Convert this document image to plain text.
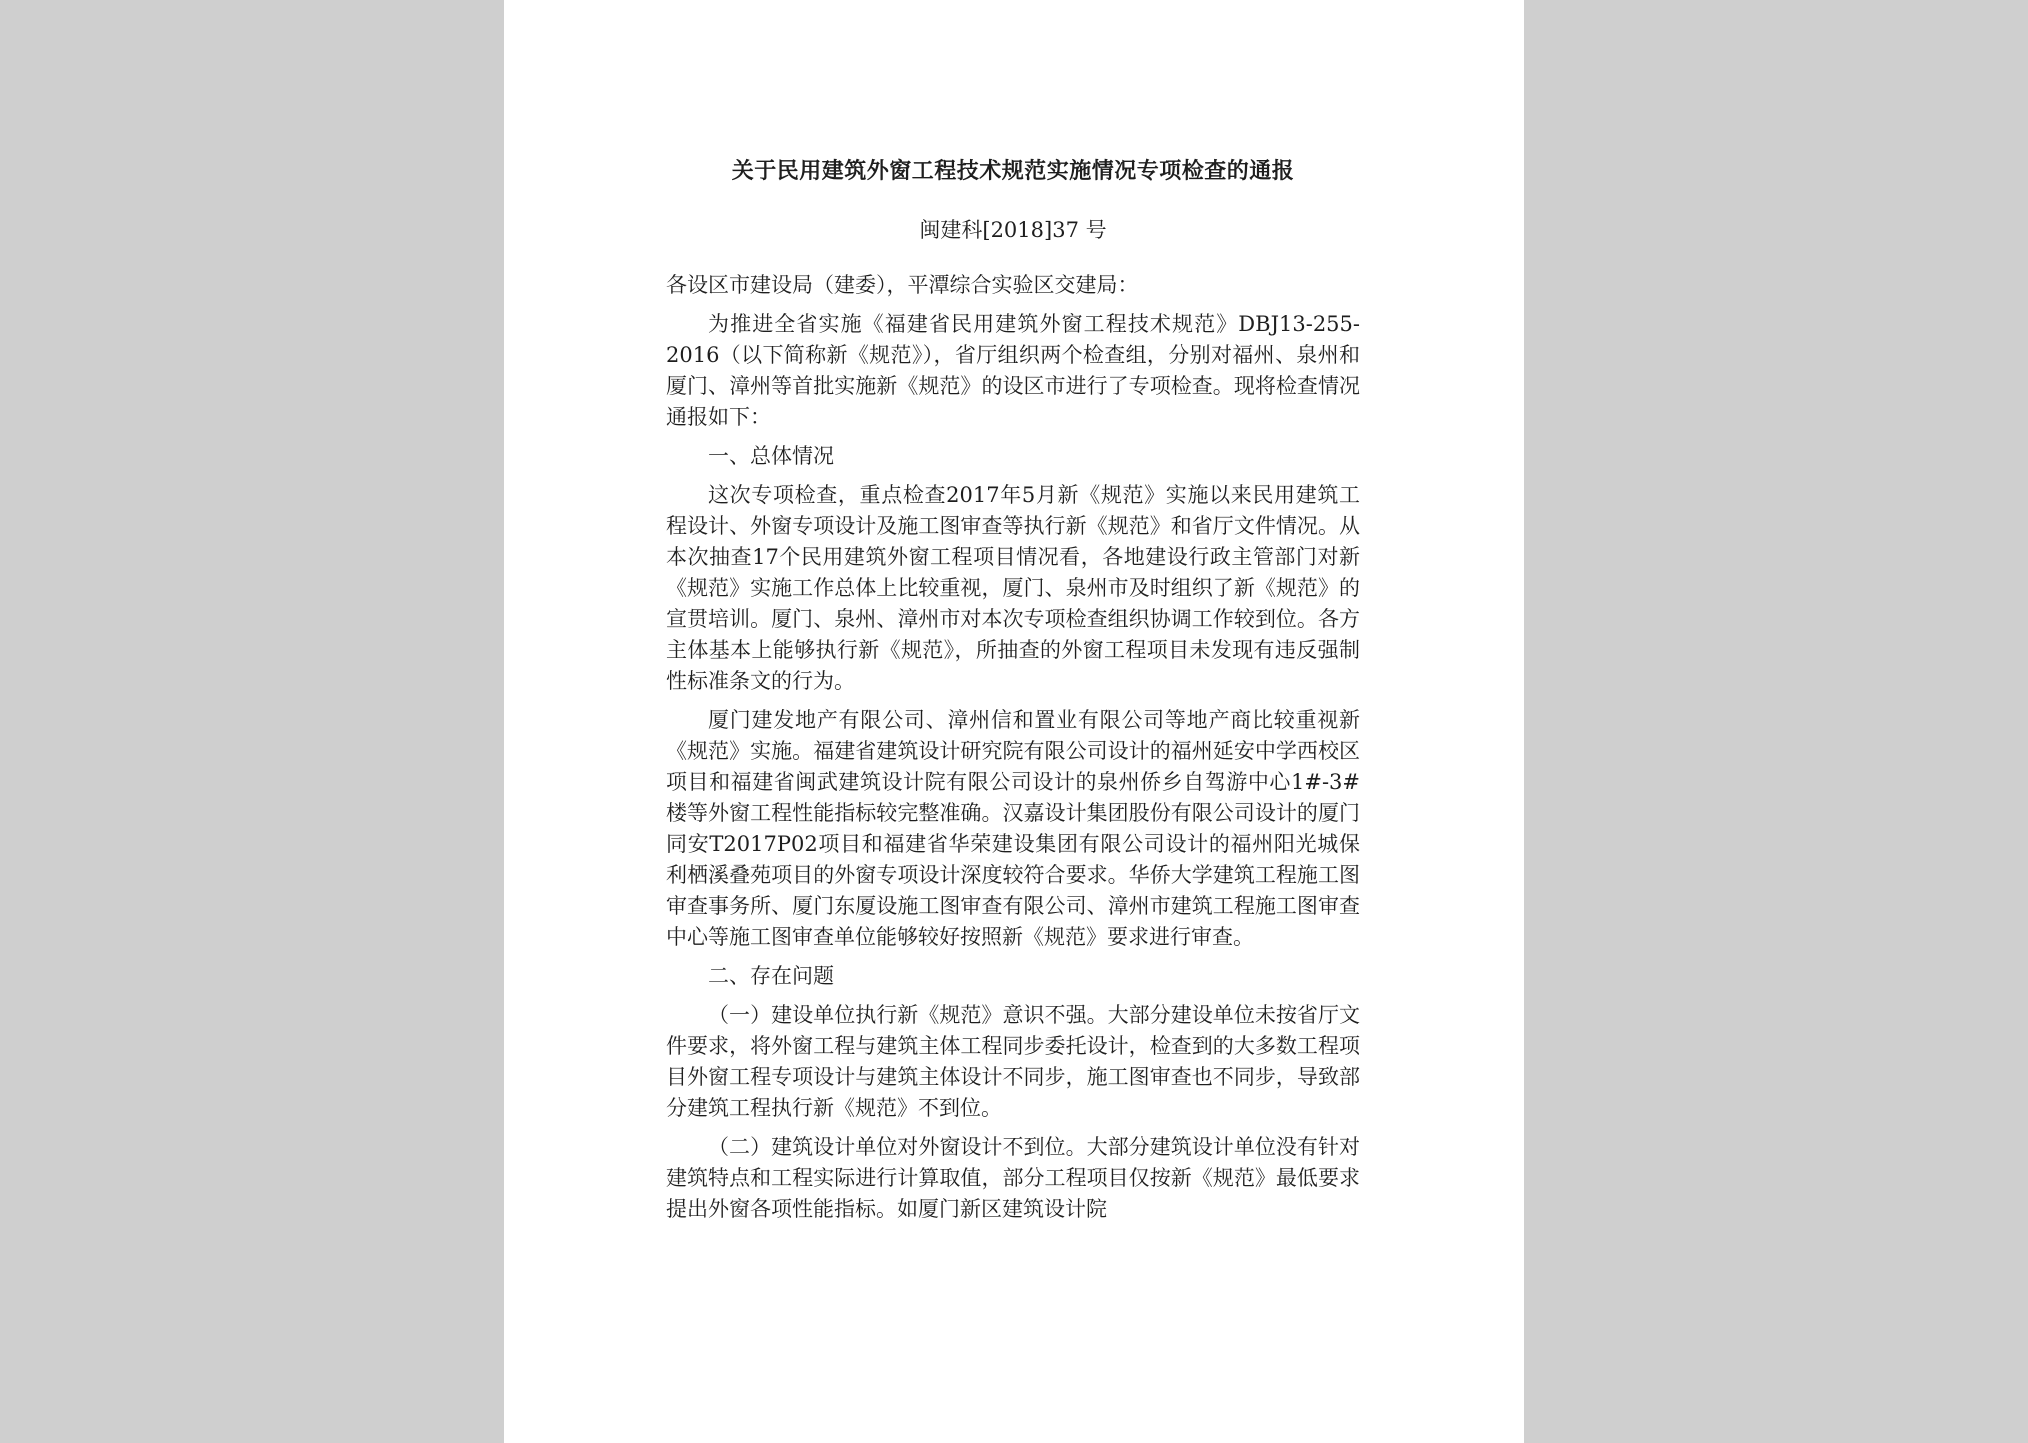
关于民用建筑外窗工程技术规范实施情况专项检查的通报
闽建科[2018]37 号

各设区市建设局（建委），平潭综合实验区交建局：

为推进全省实施《福建省民用建筑外窗工程技术规范》DBJ13-255-2016（以下简称新《规范》），省厅组织两个检查组，分别对福州、泉州和厦门、漳州等首批实施新《规范》的设区市进行了专项检查。现将检查情况通报如下：

一、总体情况

这次专项检查，重点检查2017年5月新《规范》实施以来民用建筑工程设计、外窗专项设计及施工图审查等执行新《规范》和省厅文件情况。从本次抽查17个民用建筑外窗工程项目情况看，各地建设行政主管部门对新《规范》实施工作总体上比较重视，厦门、泉州市及时组织了新《规范》的宣贯培训。厦门、泉州、漳州市对本次专项检查组织协调工作较到位。各方主体基本上能够执行新《规范》，所抽查的外窗工程项目未发现有违反强制性标准条文的行为。

厦门建发地产有限公司、漳州信和置业有限公司等地产商比较重视新《规范》实施。福建省建筑设计研究院有限公司设计的福州延安中学西校区项目和福建省闽武建筑设计院有限公司设计的泉州侨乡自驾游中心1#-3#楼等外窗工程性能指标较完整准确。汉嘉设计集团股份有限公司设计的厦门同安T2017P02项目和福建省华荣建设集团有限公司设计的福州阳光城保利栖溪叠苑项目的外窗专项设计深度较符合要求。华侨大学建筑工程施工图审查事务所、厦门东厦设施工图审查有限公司、漳州市建筑工程施工图审查中心等施工图审查单位能够较好按照新《规范》要求进行审查。

二、存在问题

（一）建设单位执行新《规范》意识不强。大部分建设单位未按省厅文件要求，将外窗工程与建筑主体工程同步委托设计，检查到的大多数工程项目外窗工程专项设计与建筑主体设计不同步，施工图审查也不同步，导致部分建筑工程执行新《规范》不到位。

（二）建筑设计单位对外窗设计不到位。大部分建筑设计单位没有针对建筑特点和工程实际进行计算取值，部分工程项目仅按新《规范》最低要求提出外窗各项性能指标。如厦门新区建筑设计院
